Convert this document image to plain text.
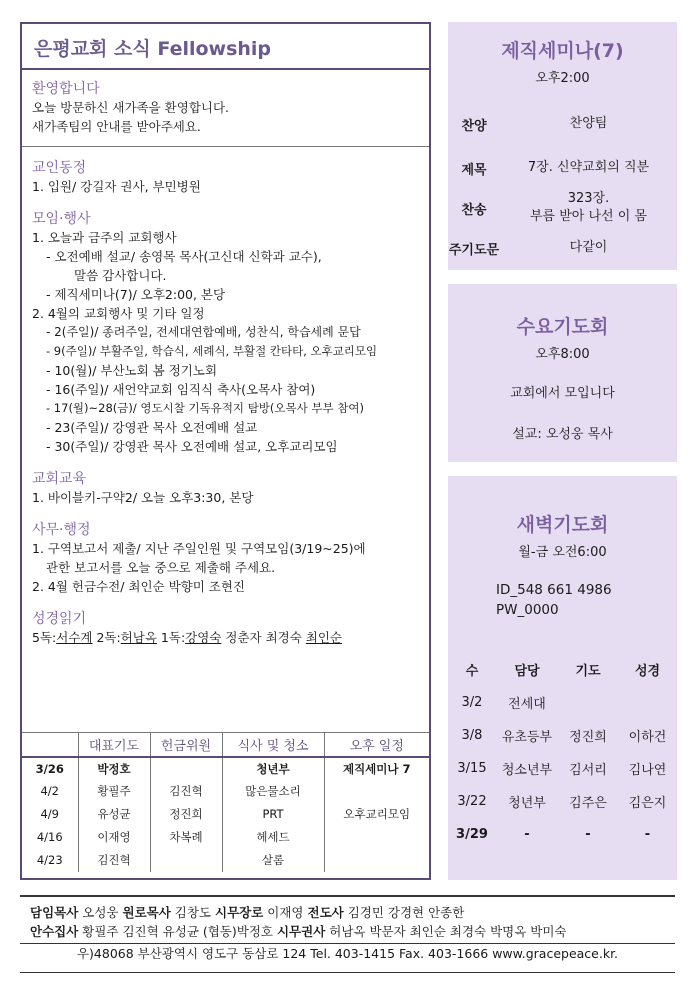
은평교회 소식 Fellowship
환영합니다
오늘 방문하신 새가족을 환영합니다.
새가족팀의 안내를 받아주세요.
교인동정
1. 입원/ 강길자 권사, 부민병원
모임·행사
1. 오늘과 금주의 교회행사
- 오전예배 설교/ 송영목 목사(고신대 신학과 교수),
말씀 감사합니다.
- 제직세미나(7)/ 오후2:00, 본당
2. 4월의 교회행사 및 기타 일정
- 2(주일)/ 종려주일, 전세대연합예배, 성찬식, 학습세례 문답
- 9(주일)/ 부활주일, 학습식, 세례식, 부활절 칸타타, 오후교리모임
- 10(월)/ 부산노회 봄 정기노회
- 16(주일)/ 새언약교회 임직식 축사(오목사 참여)
- 17(월)~28(금)/ 영도시찰 기독유적지 탐방(오목사 부부 참여)
- 23(주일)/ 강영관 목사 오전예배 설교
- 30(주일)/ 강영관 목사 오전예배 설교, 오후교리모임
교회교육
1. 바이블키-구약2/ 오늘 오후3:30, 본당
사무·행정
1. 구역보고서 제출/ 지난 주일인원 및 구역모임(3/19~25)에
관한 보고서를 오늘 중으로 제출해 주세요.
2. 4월 헌금수전/ 최인순 박향미 조현진
성경읽기
5독:서수계 2독:허남옥 1독:강영숙 정춘자 최경숙 최인순
	대표기도	헌금위원	식사 및 청소	오후 일정
3/26	박정호		청년부	제직세미나 7
4/2	황필주	김진혁	많은물소리	
4/9	유성균	정진희	PRT	오후교리모임
4/16	이재영	차복례	헤세드	
4/23	김진혁		살롬	
제직세미나(7)
오후2:00
찬양	찬양팀
제목	7장. 신약교회의 직분
찬송
323장.
부름 받아 나선 이 몸
주기도문	다같이
수요기도회
오후8:00
교회에서 모입니다
설교: 오성웅 목사
새벽기도회
월-금 오전6:00
ID_548 661 4986
PW_0000
수	담당	기도	성경
3/2	전세대		
3/8	유초등부	정진희	이하건
3/15	청소년부	김서리	김나연
3/22	청년부	김주은	김은지
3/29	-	-	-
담임목사 오성웅 원로목사 김창도 시무장로 이재영 전도사 김경민 강경현 안종한
안수집사 황필주 김진혁 유성균 (협동)박정호 시무권사 허남옥 박문자 최인순 최경숙 박명옥 박미숙
우)48068 부산광역시 영도구 동삼로 124 Tel. 403-1415 Fax. 403-1666 www.gracepeace.kr.
